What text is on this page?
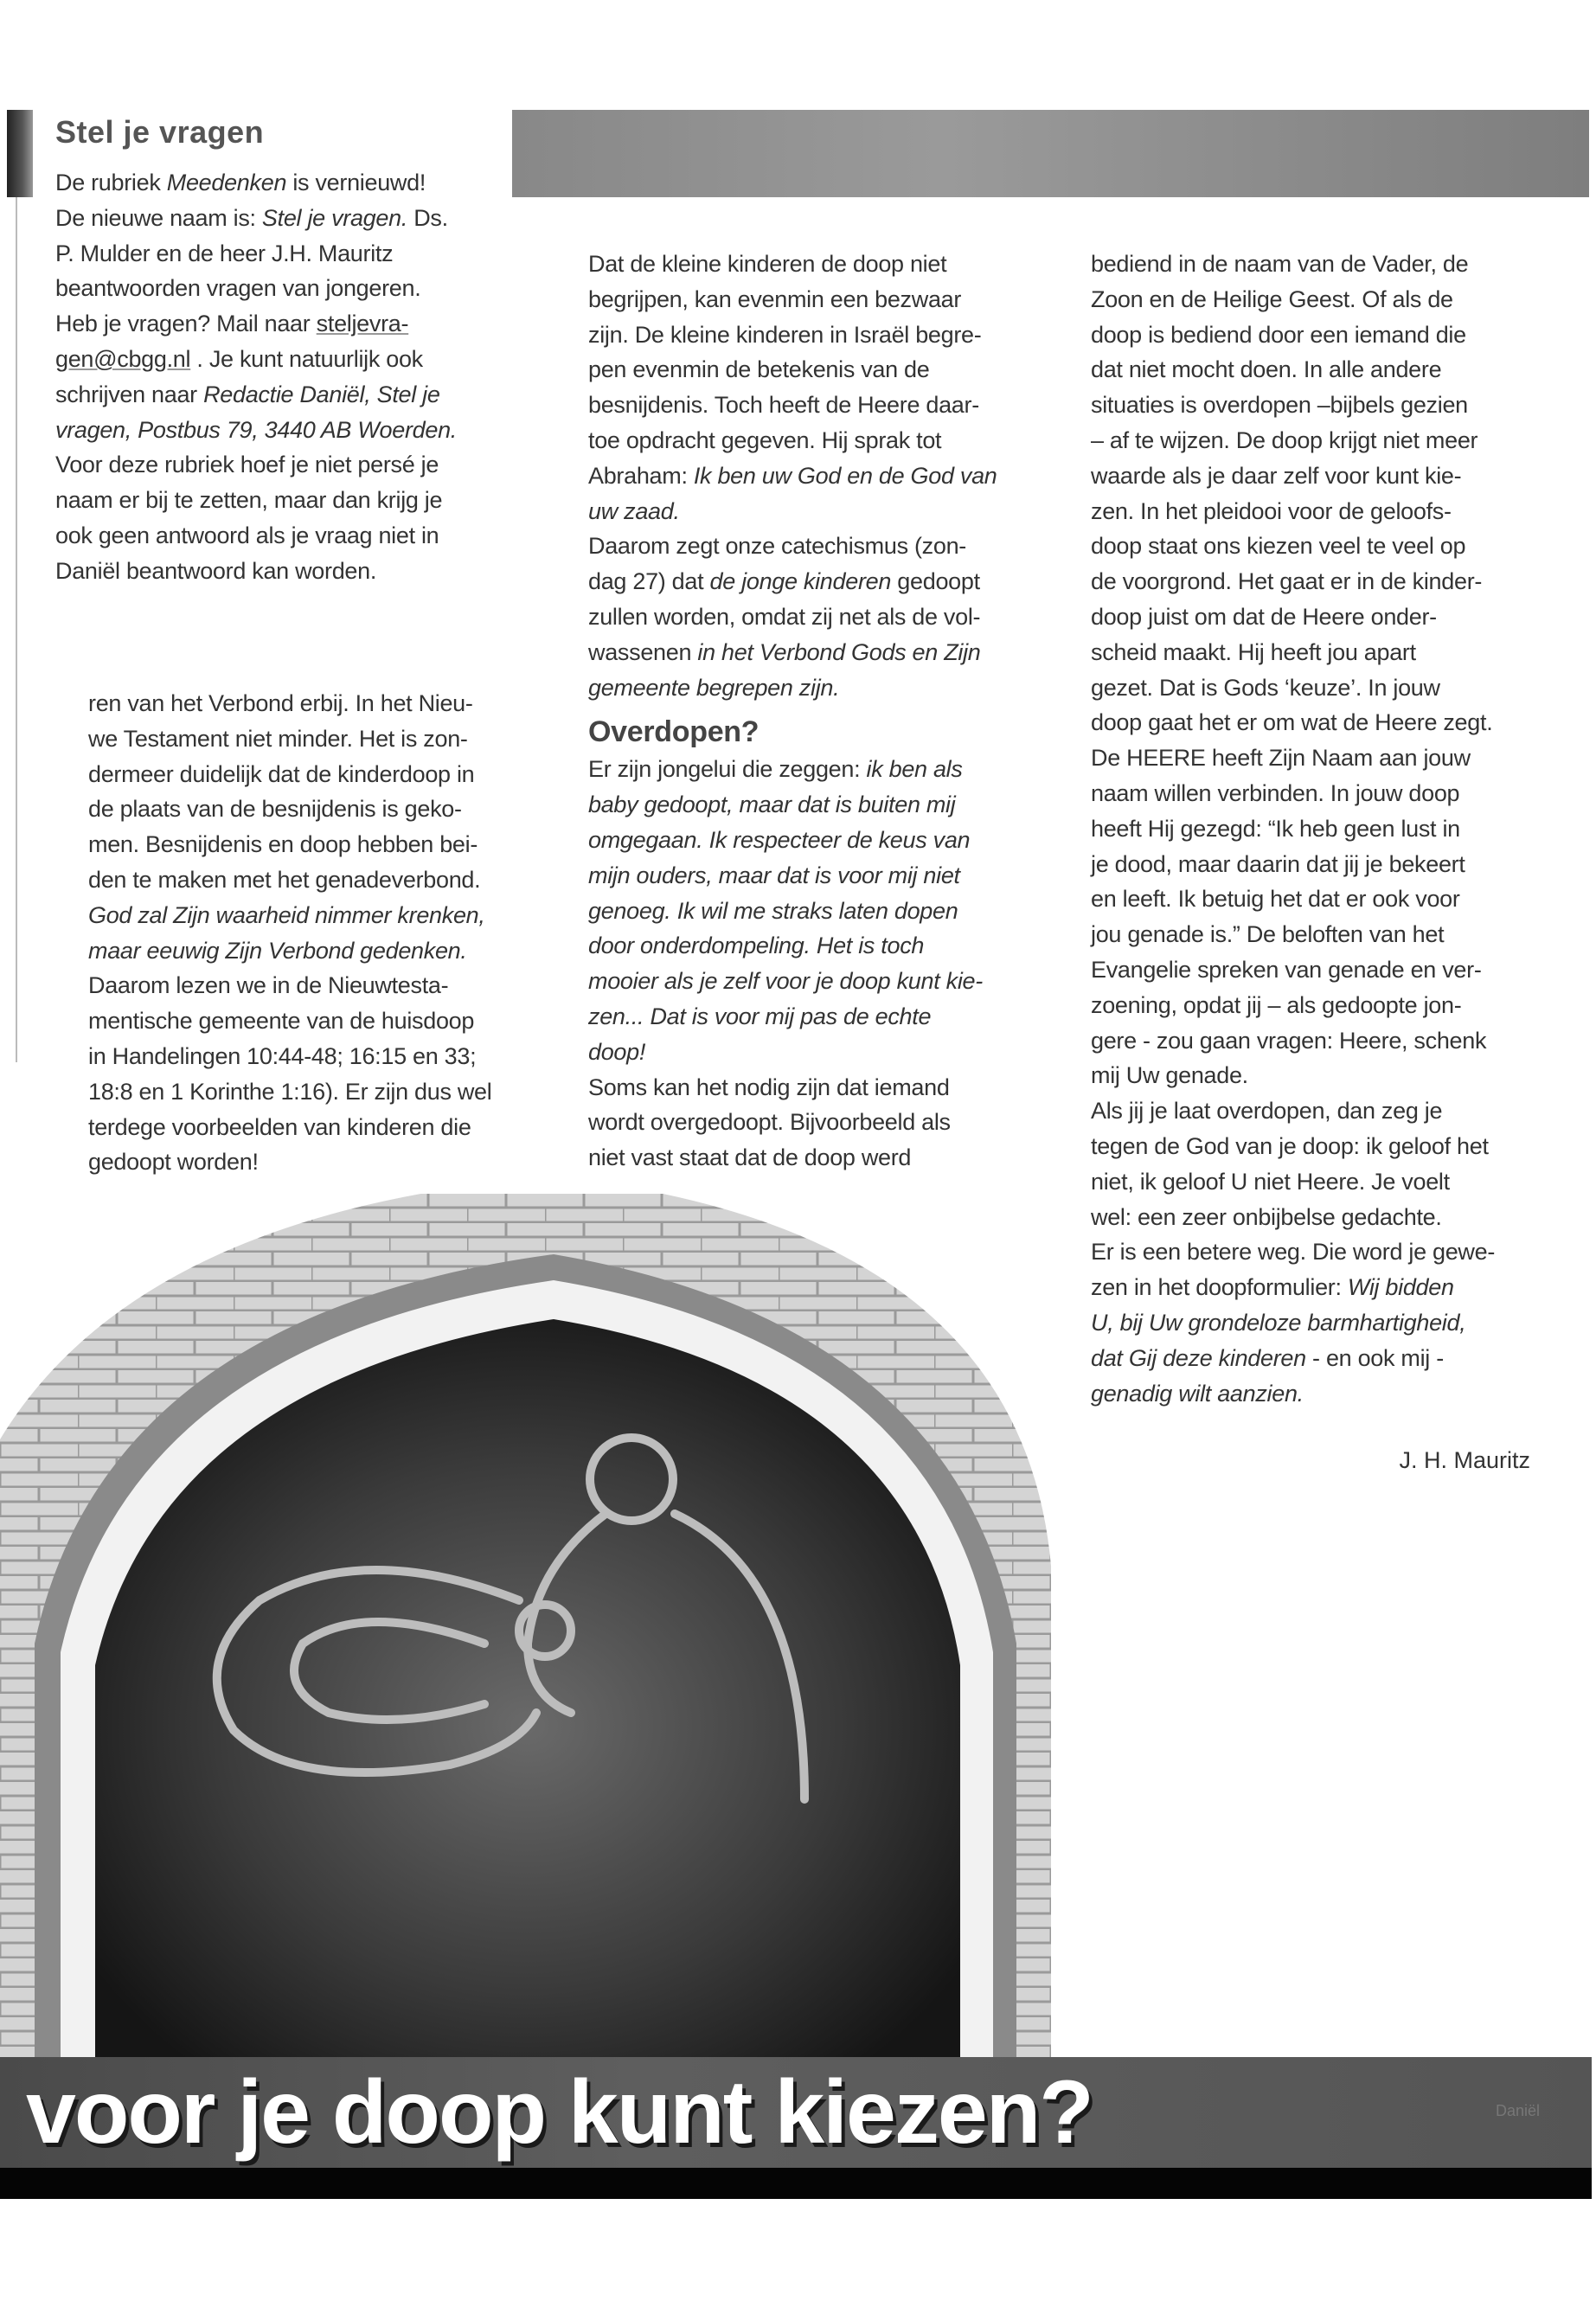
Stel je vragen
De rubriek Meedenken is vernieuwd!
De nieuwe naam is: Stel je vragen. Ds.
P. Mulder en de heer J.H. Mauritz
beantwoorden vragen van jongeren.
Heb je vragen? Mail naar steljevra-
gen@cbgg.nl . Je kunt natuurlijk ook
schrijven naar Redactie Daniël, Stel je
vragen, Postbus 79, 3440 AB Woerden.
Voor deze rubriek hoef je niet persé je
naam er bij te zetten, maar dan krijg je
ook geen antwoord als je vraag niet in
Daniël beantwoord kan worden.
ren van het Verbond erbij. In het Nieu-
we Testament niet minder. Het is zon-
dermeer duidelijk dat de kinderdoop in
de plaats van de besnijdenis is geko-
men. Besnijdenis en doop hebben bei-
den te maken met het genadeverbond.
God zal Zijn waarheid nimmer krenken,
maar eeuwig Zijn Verbond gedenken.
Daarom lezen we in de Nieuwtesta-
mentische gemeente van de huisdoop
in Handelingen 10:44-48; 16:15 en 33;
18:8 en 1 Korinthe 1:16). Er zijn dus wel
terdege voorbeelden van kinderen die
gedoopt worden!
Dat de kleine kinderen de doop niet
begrijpen, kan evenmin een bezwaar
zijn. De kleine kinderen in Israël begre-
pen evenmin de betekenis van de
besnijdenis. Toch heeft de Heere daar-
toe opdracht gegeven. Hij sprak tot
Abraham: Ik ben uw God en de God van
uw zaad.
Daarom zegt onze catechismus (zon-
dag 27) dat de jonge kinderen gedoopt
zullen worden, omdat zij net als de vol-
wassenen in het Verbond Gods en Zijn
gemeente begrepen zijn.
Overdopen?
Er zijn jongelui die zeggen: ik ben als
baby gedoopt, maar dat is buiten mij
omgegaan. Ik respecteer de keus van
mijn ouders, maar dat is voor mij niet
genoeg. Ik wil me straks laten dopen
door onderdompeling. Het is toch
mooier als je zelf voor je doop kunt kie-
zen... Dat is voor mij pas de echte
doop!
Soms kan het nodig zijn dat iemand
wordt overgedoopt. Bijvoorbeeld als
niet vast staat dat de doop werd
bediend in de naam van de Vader, de
Zoon en de Heilige Geest. Of als de
doop is bediend door een iemand die
dat niet mocht doen. In alle andere
situaties is overdopen –bijbels gezien
– af te wijzen. De doop krijgt niet meer
waarde als je daar zelf voor kunt kie-
zen. In het pleidooi voor de geloofs-
doop staat ons kiezen veel te veel op
de voorgrond. Het gaat er in de kinder-
doop juist om dat de Heere onder-
scheid maakt. Hij heeft jou apart
gezet. Dat is Gods ‘keuze’. In jouw
doop gaat het er om wat de Heere zegt.
De HEERE heeft Zijn Naam aan jouw
naam willen verbinden. In jouw doop
heeft Hij gezegd: “Ik heb geen lust in
je dood, maar daarin dat jij je bekeert
en leeft. Ik betuig het dat er ook voor
jou genade is.” De beloften van het
Evangelie spreken van genade en ver-
zoening, opdat jij – als gedoopte jon-
gere - zou gaan vragen: Heere, schenk
mij Uw genade.
Als jij je laat overdopen, dan zeg je
tegen de God van je doop: ik geloof het
niet, ik geloof U niet Heere. Je voelt
wel: een zeer onbijbelse gedachte.
Er is een betere weg. Die word je gewe-
zen in het doopformulier: Wij bidden
U, bij Uw grondeloze barmhartigheid,
dat Gij deze kinderen - en ook mij -
genadig wilt aanzien.
J. H. Mauritz
voor je doop kunt kiezen?	Daniël
